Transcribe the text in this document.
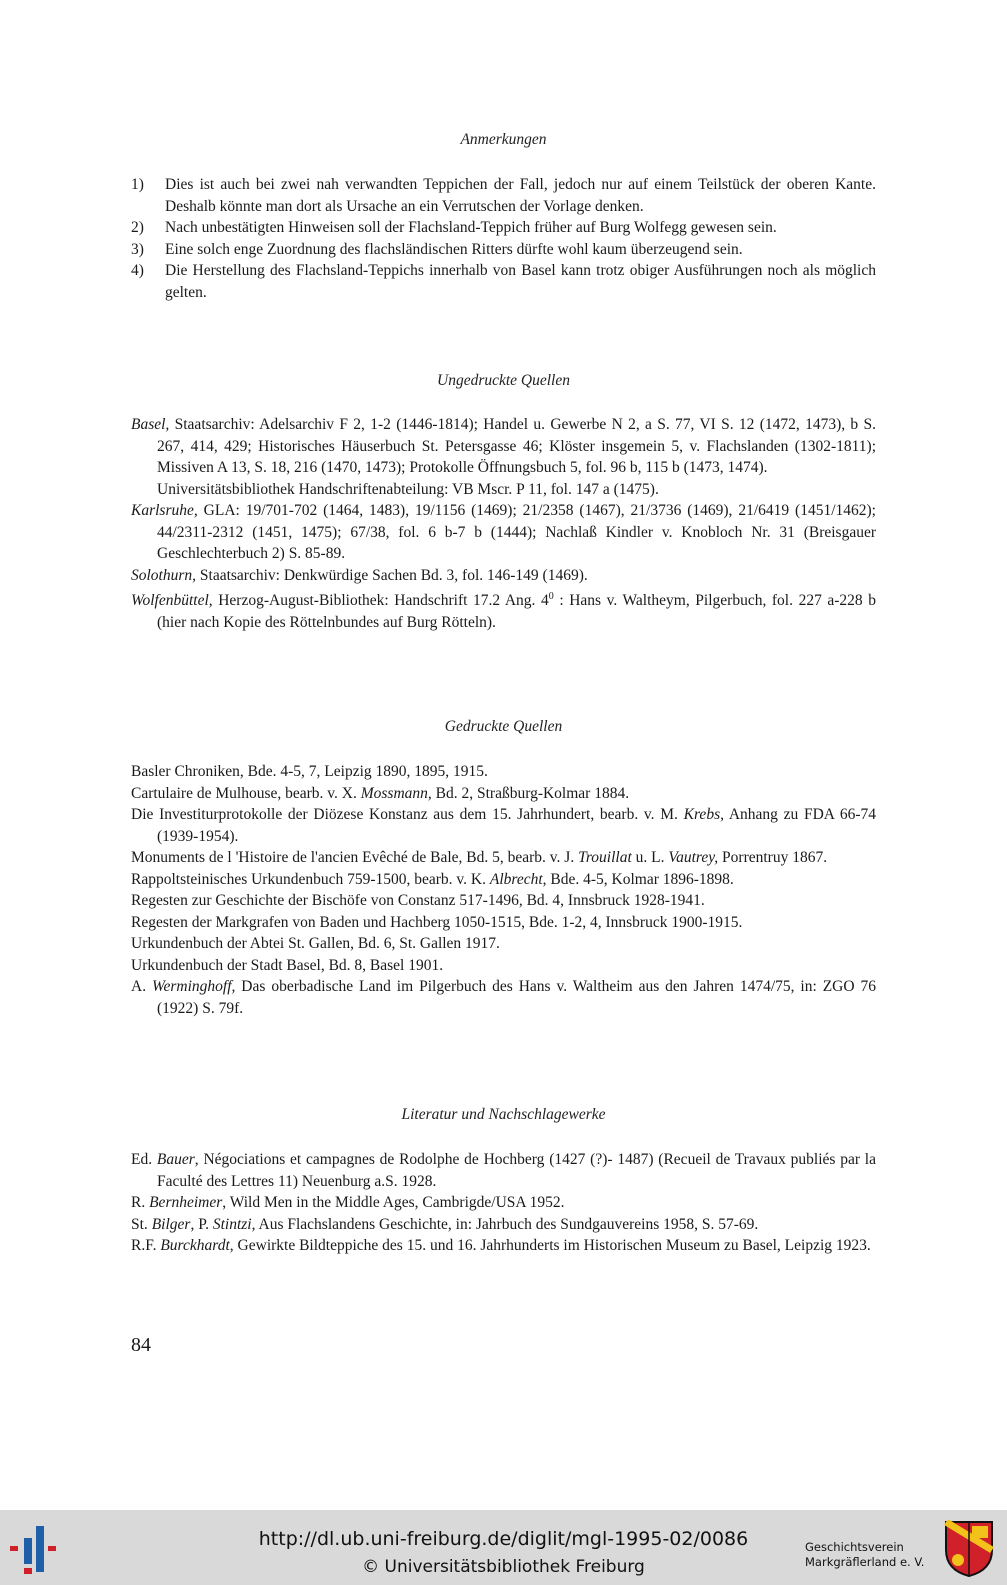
Anmerkungen

1)	Dies ist auch bei zwei nah verwandten Teppichen der Fall, jedoch nur auf einem Teilstück der oberen Kante. Deshalb könnte man dort als Ursache an ein Verrutschen der Vorlage denken.

2)	Nach unbestätigten Hinweisen soll der Flachsland-Teppich früher auf Burg Wolfegg gewesen sein.

3)	Eine solch enge Zuordnung des flachsländischen Ritters dürfte wohl kaum überzeugend sein.

4)	Die Herstellung des Flachsland-Teppichs innerhalb von Basel kann trotz obiger Ausführungen noch als möglich gelten.

Ungedruckte Quellen

Basel, Staatsarchiv: Adelsarchiv F 2, 1-2 (1446-1814); Handel u. Gewerbe N 2, a S. 77, VI S. 12 (1472, 1473), b S. 267, 414, 429; Historisches Häuserbuch St. Petersgasse 46; Klöster insgemein 5, v. Flachslanden (1302-1811); Missiven A 13, S. 18, 216 (1470, 1473); Protokolle Öffnungsbuch 5, fol. 96 b, 115 b (1473, 1474).

Universitätsbibliothek Handschriftenabteilung: VB Mscr. P 11, fol. 147 a (1475).

Karlsruhe, GLA: 19/701-702 (1464, 1483), 19/1156 (1469); 21/2358 (1467), 21/3736 (1469), 21/6419 (1451/1462); 44/2311-2312 (1451, 1475); 67/38, fol. 6 b-7 b (1444); Nachlaß Kindler v. Knobloch Nr. 31 (Breisgauer Geschlechterbuch 2) S. 85-89.

Solothurn, Staatsarchiv: Denkwürdige Sachen Bd. 3, fol. 146-149 (1469).

Wolfenbüttel, Herzog-August-Bibliothek: Handschrift 17.2 Ang. $4^0$ : Hans v. Waltheym, Pilgerbuch, fol. 227 a-228 b (hier nach Kopie des Röttelnbundes auf Burg Rötteln).

Gedruckte Quellen

Basler Chroniken, Bde. 4-5, 7, Leipzig 1890, 1895, 1915.

Cartulaire de Mulhouse, bearb. v. X. Mossmann, Bd. 2, Straßburg-Kolmar 1884.

Die Investiturprotokolle der Diözese Konstanz aus dem 15. Jahrhundert, bearb. v. M. Krebs, Anhang zu FDA 66-74 (1939-1954).

Monuments de l 'Histoire de l'ancien Evêché de Bale, Bd. 5, bearb. v. J. Trouillat u. L. Vautrey, Porrentruy 1867.

Rappoltsteinisches Urkundenbuch 759-1500, bearb. v. K. Albrecht, Bde. 4-5, Kolmar 1896-1898.

Regesten zur Geschichte der Bischöfe von Constanz 517-1496, Bd. 4, Innsbruck 1928-1941.

Regesten der Markgrafen von Baden und Hachberg 1050-1515, Bde. 1-2, 4, Innsbruck 1900-1915.

Urkundenbuch der Abtei St. Gallen, Bd. 6, St. Gallen 1917.

Urkundenbuch der Stadt Basel, Bd. 8, Basel 1901.

A. Werminghoff, Das oberbadische Land im Pilgerbuch des Hans v. Waltheim aus den Jahren 1474/75, in: ZGO 76 (1922) S. 79f.

Literatur und Nachschlagewerke

Ed. Bauer, Négociations et campagnes de Rodolphe de Hochberg (1427 (?)- 1487) (Recueil de Travaux publiés par la Faculté des Lettres 11) Neuenburg a.S. 1928.

R. Bernheimer, Wild Men in the Middle Ages, Cambrigde/USA 1952.

St. Bilger, P. Stintzi, Aus Flachslandens Geschichte, in: Jahrbuch des Sundgauvereins 1958, S. 57-69.

R.F. Burckhardt, Gewirkte Bildteppiche des 15. und 16. Jahrhunderts im Historischen Museum zu Basel, Leipzig 1923.

84
http://dl.ub.uni-freiburg.de/diglit/mgl-1995-02/0086
© Universitätsbibliothek Freiburg
Geschichtsverein
Markgräflerland e. V.
